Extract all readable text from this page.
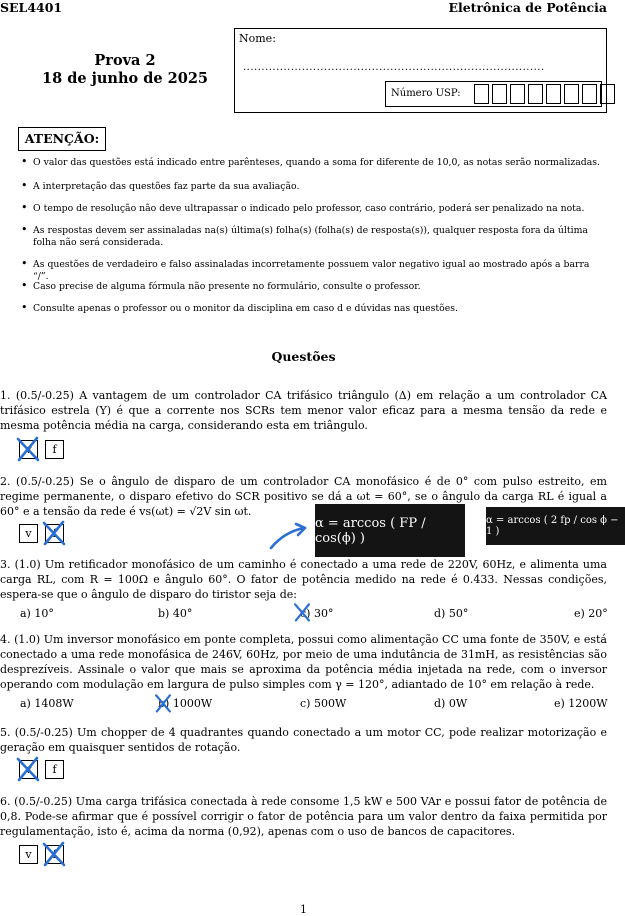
SEL4401	Eletrônica de Potência
Prova 2
18 de junho de 2025
Nome:
..................................................................................
Número USP:
ATENÇÃO:
• O valor das questões está indicado entre parênteses, quando a soma for diferente de 10,0, as notas serão normalizadas.
• A interpretação das questões faz parte da sua avaliação.
• O tempo de resolução não deve ultrapassar o indicado pelo professor, caso contrário, poderá ser penalizado na nota.
• As respostas devem ser assinaladas na(s) última(s) folha(s) (folha(s) de resposta(s)), qualquer resposta fora da última folha não será considerada.
• As questões de verdadeiro e falso assinaladas incorretamente possuem valor negativo igual ao mostrado após a barra “/”.
• Caso precise de alguma fórmula não presente no formulário, consulte o professor.
• Consulte apenas o professor ou o monitor da disciplina em caso d e dúvidas nas questões.
Questões
1. (0.5/-0.25) A vantagem de um controlador CA trifásico triângulo (Δ) em relação a um controlador CA trifásico estrela (Y) é que a corrente nos SCRs tem menor valor eficaz para a mesma tensão da rede e mesma potência média na carga, considerando esta em triângulo.
v	f
2. (0.5/-0.25) Se o ângulo de disparo de um controlador CA monofásico é de 0° com pulso estreito, em regime permanente, o disparo efetivo do SCR positivo se dá a ωt = 60°, se o ângulo da carga RL é igual a 60° e a tensão da rede é vs(ωt) = √2V sin ωt.
v	f
α = arccos ( FP / cos(ϕ) )
α = arccos ( 2 fp / cos ϕ − 1 )
3. (1.0) Um retificador monofásico de um caminho é conectado a uma rede de 220V, 60Hz, e alimenta uma carga RL, com R = 100Ω e ângulo 60°. O fator de potência medido na rede é 0.433. Nessas condições, espera-se que o ângulo de disparo do tiristor seja de:
a) 10°	b) 40°	c) 30°	d) 50°	e) 20°
4. (1.0) Um inversor monofásico em ponte completa, possui como alimentação CC uma fonte de 350V, e está conectado a uma rede monofásica de 246V, 60Hz, por meio de uma indutância de 31mH, as resistências são desprezíveis. Assinale o valor que mais se aproxima da potência média injetada na rede, com o inversor operando com modulação em largura de pulso simples com γ = 120°, adiantado de 10° em relação à rede.
a) 1408W	b) 1000W	c) 500W	d) 0W	e) 1200W
5. (0.5/-0.25) Um chopper de 4 quadrantes quando conectado a um motor CC, pode realizar motorização e geração em quaisquer sentidos de rotação.
v	f
6. (0.5/-0.25) Uma carga trifásica conectada à rede consome 1,5 kW e 500 VAr e possui fator de potência de 0,8. Pode-se afirmar que é possível corrigir o fator de potência para um valor dentro da faixa permitida por regulamentação, isto é, acima da norma (0,92), apenas com o uso de bancos de capacitores.
v	f
1
